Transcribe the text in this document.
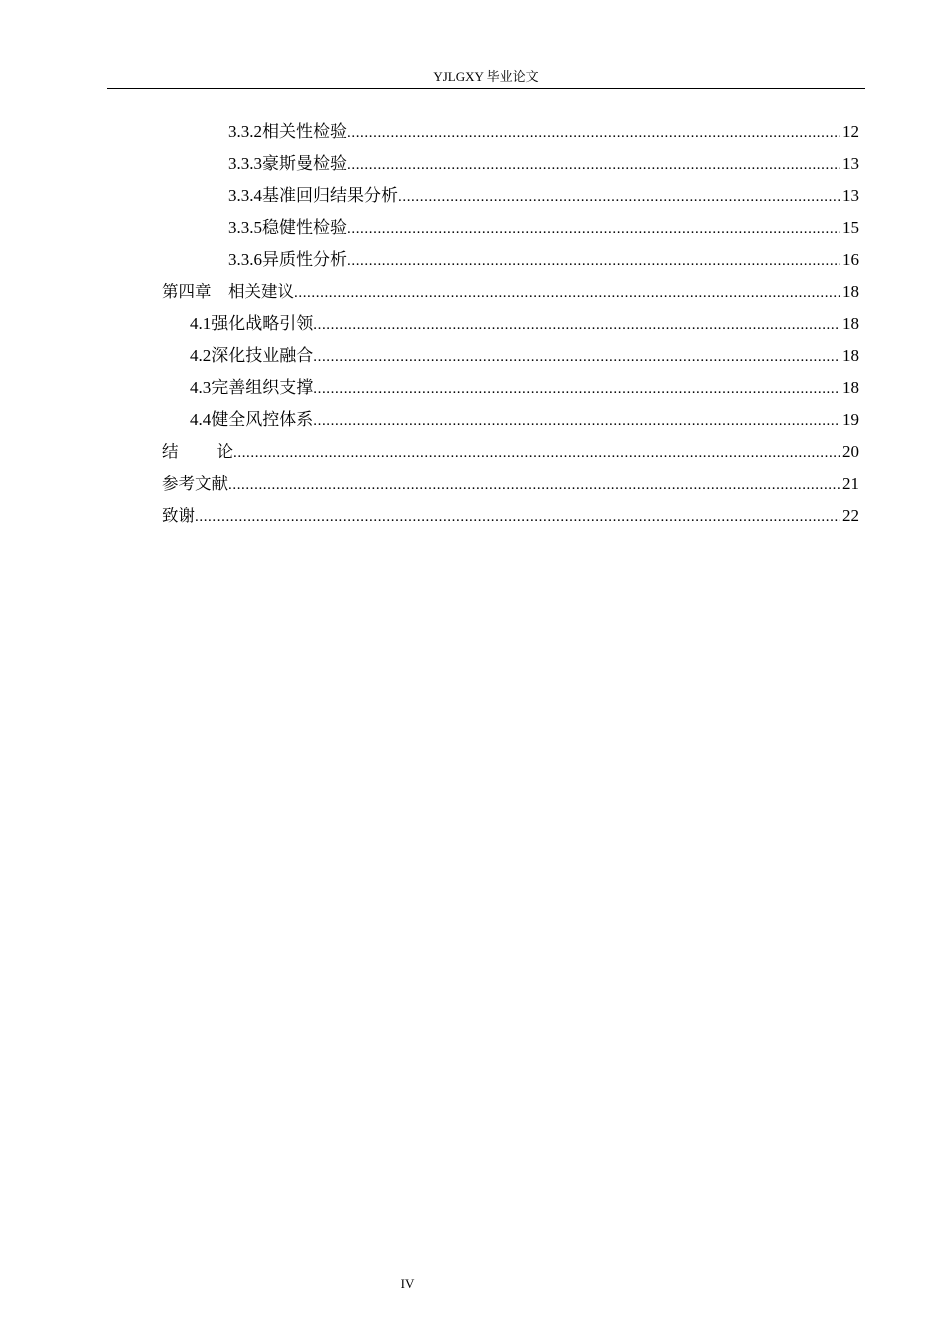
YJLGXY 毕业论文
3.3.2 相关性检验 .....	12
3.3.3 豪斯曼检验 .....	13
3.3.4 基准回归结果分析 .....	13
3.3.5 稳健性检验 .....	15
3.3.6 异质性分析 .....	16
第四章　相关建议 .....	18
4.1 强化战略引领 .....	18
4.2 深化技业融合 .....	18
4.3 完善组织支撑 .....	18
4.4 健全风控体系 .....	19
结论 .....	20
参考文献 .....	21
致谢 .....	22
IV
